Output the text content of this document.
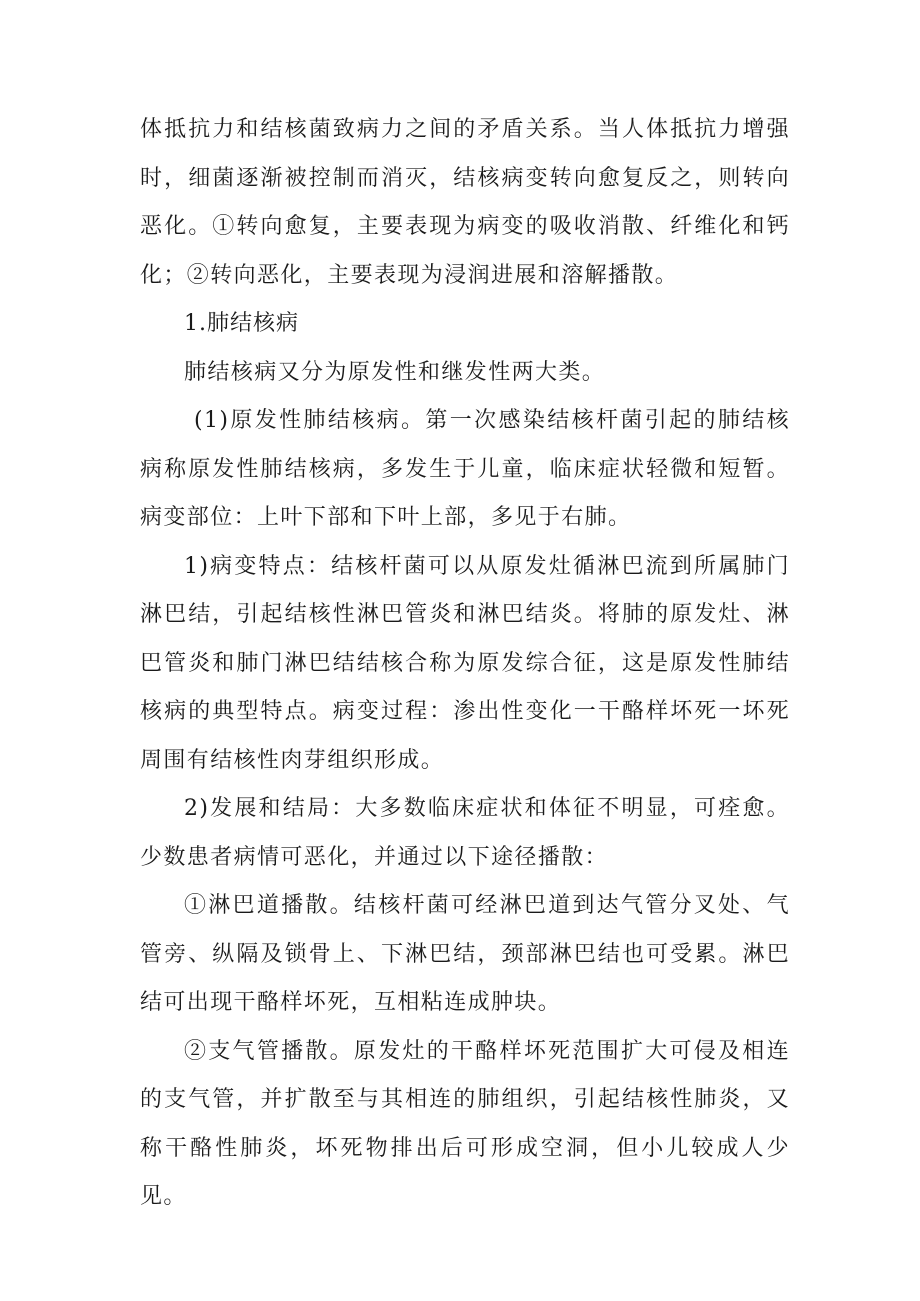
体抵抗力和结核菌致病力之间的矛盾关系。当人体抵抗力增强时，细菌逐渐被控制而消灭，结核病变转向愈复反之，则转向恶化。①转向愈复，主要表现为病变的吸收消散、纤维化和钙化；②转向恶化，主要表现为浸润进展和溶解播散。

1.肺结核病

肺结核病又分为原发性和继发性两大类。

(1)原发性肺结核病。第一次感染结核杆菌引起的肺结核病称原发性肺结核病，多发生于儿童，临床症状轻微和短暂。病变部位：上叶下部和下叶上部，多见于右肺。

1)病变特点：结核杆菌可以从原发灶循淋巴流到所属肺门淋巴结，引起结核性淋巴管炎和淋巴结炎。将肺的原发灶、淋巴管炎和肺门淋巴结结核合称为原发综合征，这是原发性肺结核病的典型特点。病变过程：渗出性变化一干酪样坏死一坏死周围有结核性肉芽组织形成。

2)发展和结局：大多数临床症状和体征不明显，可痊愈。少数患者病情可恶化，并通过以下途径播散：

①淋巴道播散。结核杆菌可经淋巴道到达气管分叉处、气管旁、纵隔及锁骨上、下淋巴结，颈部淋巴结也可受累。淋巴结可出现干酪样坏死，互相粘连成肿块。

②支气管播散。原发灶的干酪样坏死范围扩大可侵及相连的支气管，并扩散至与其相连的肺组织，引起结核性肺炎，又称干酪性肺炎，坏死物排出后可形成空洞，但小儿较成人少见。
